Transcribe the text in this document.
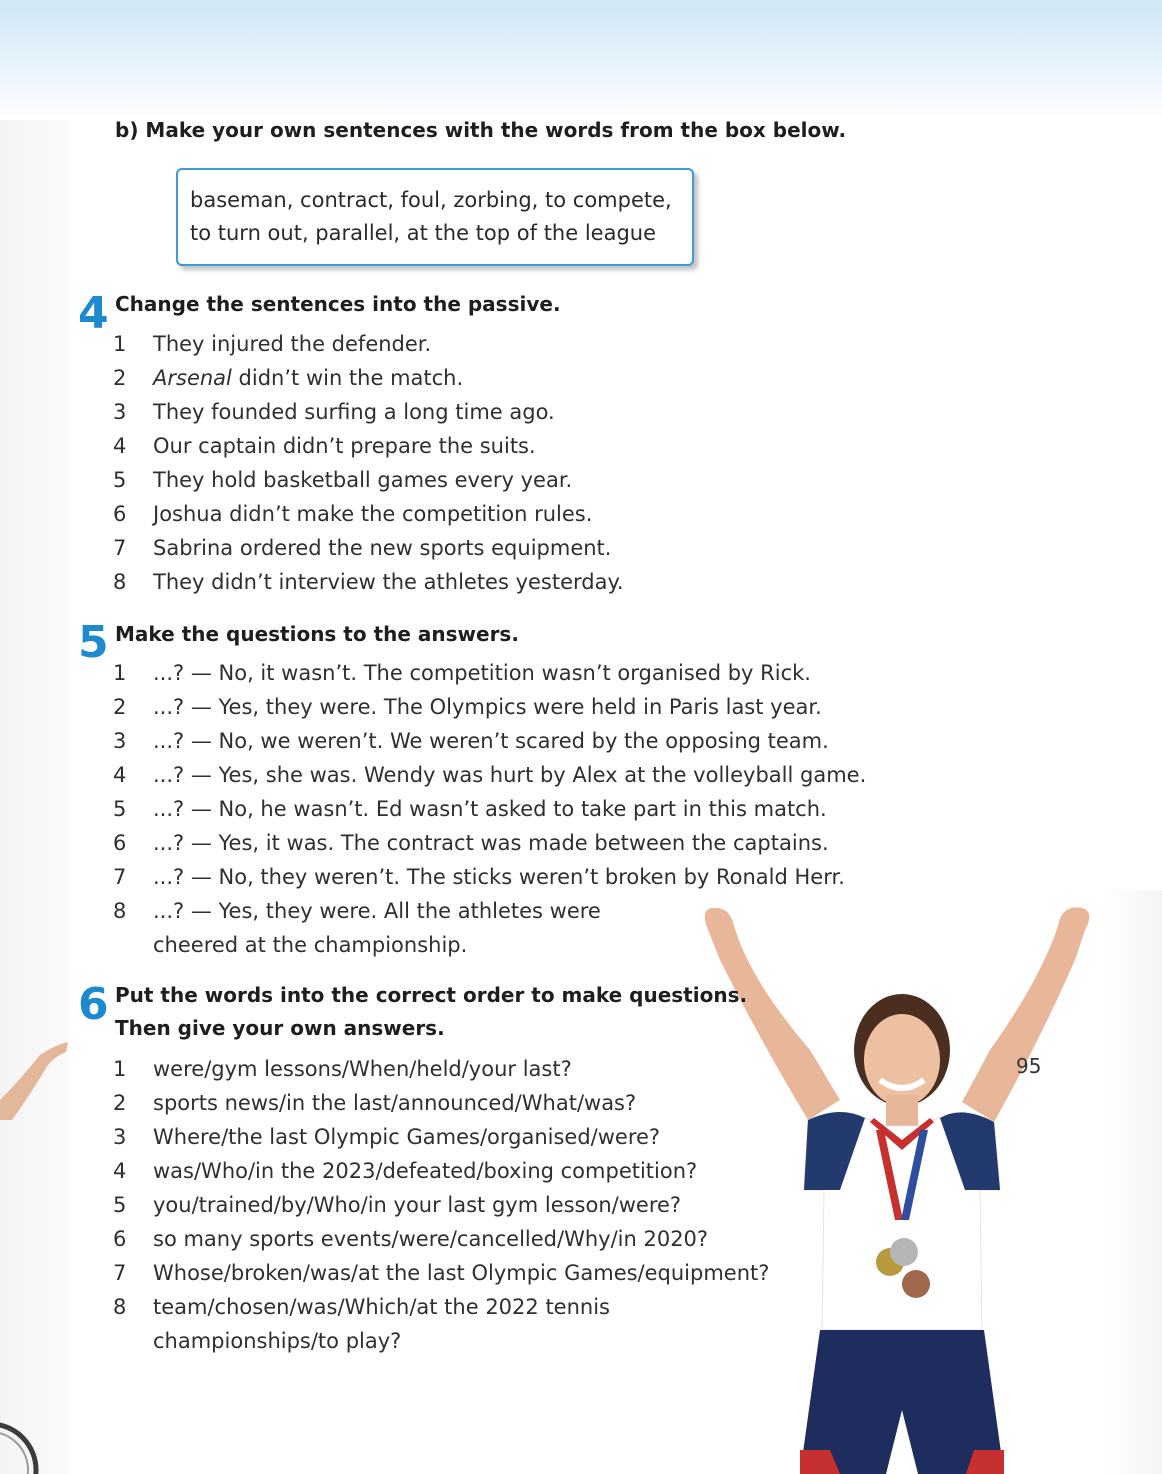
b) Make your own sentences with the words from the box below.
baseman, contract, foul, zorbing, to compete,
to turn out, parallel, at the top of the league
4 Change the sentences into the passive.
1	They injured the defender.
2	Arsenal didn’t win the match.
3	They founded surfing a long time ago.
4	Our captain didn’t prepare the suits.
5	They hold basketball games every year.
6	Joshua didn’t make the competition rules.
7	Sabrina ordered the new sports equipment.
8	They didn’t interview the athletes yesterday.
5 Make the questions to the answers.
1	...? — No, it wasn’t. The competition wasn’t organised by Rick.
2	...? — Yes, they were. The Olympics were held in Paris last year.
3	...? — No, we weren’t. We weren’t scared by the opposing team.
4	...? — Yes, she was. Wendy was hurt by Alex at the volleyball game.
5	...? — No, he wasn’t. Ed wasn’t asked to take part in this match.
6	...? — Yes, it was. The contract was made between the captains.
7	...? — No, they weren’t. The sticks weren’t broken by Ronald Herr.
8	...? — Yes, they were. All the athletes were cheered at the championship.
6 Put the words into the correct order to make questions.
Then give your own answers.
1	were/gym lessons/When/held/your last?
2	sports news/in the last/announced/What/was?
3	Where/the last Olympic Games/organised/were?
4	was/Who/in the 2023/defeated/boxing competition?
5	you/trained/by/Who/in your last gym lesson/were?
6	so many sports events/were/cancelled/Why/in 2020?
7	Whose/broken/was/at the last Olympic Games/equipment?
8	team/chosen/was/Which/at the 2022 tennis championships/to play?
95
